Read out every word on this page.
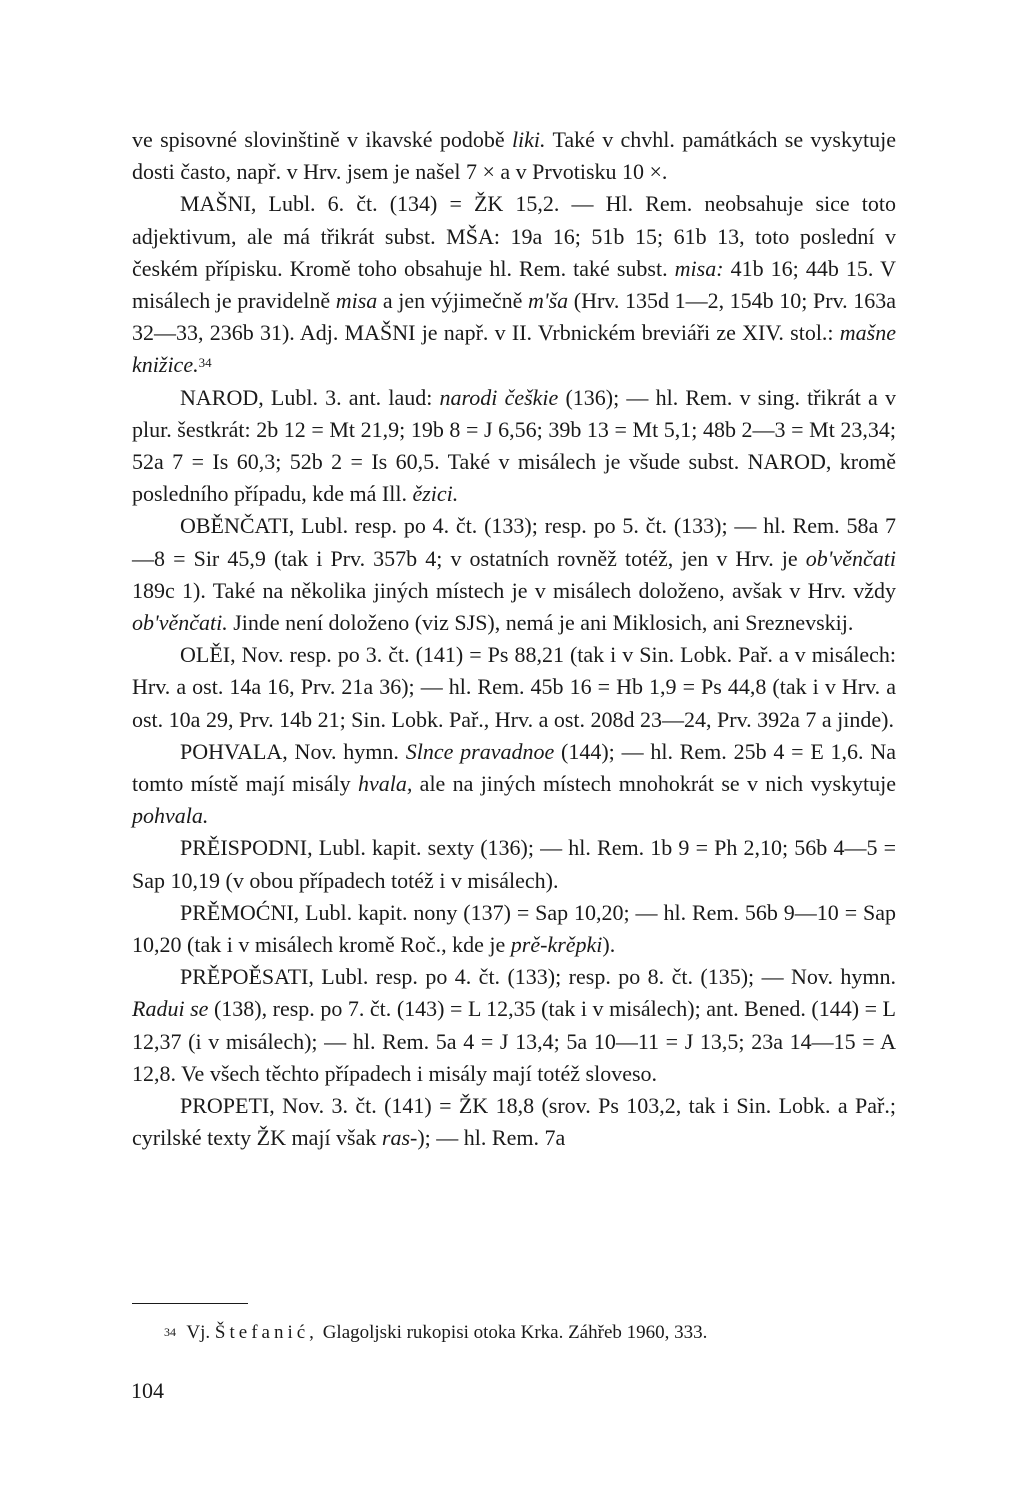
ve spisovné slovinštině v ikavské podobě liki. Také v chvhl. památkách se vyskytuje dosti často, např. v Hrv. jsem je našel 7 × a v Prvotisku 10 ×.

MAŠNI, Lubl. 6. čt. (134) = ŽK 15,2. — Hl. Rem. neobsahuje sice toto adjektivum, ale má třikrát subst. MŠA: 19a 16; 51b 15; 61b 13, toto poslední v českém přípisku. Kromě toho obsahuje hl. Rem. také subst. misa: 41b 16; 44b 15. V misálech je pravidelně misa a jen výjimečně m'ša (Hrv. 135d 1—2, 154b 10; Prv. 163a 32—33, 236b 31). Adj. MAŠNI je např. v II. Vrbnickém breviáři ze XIV. stol.: mašne knižice.$^{34}$

NAROD, Lubl. 3. ant. laud: narodi češkie (136); — hl. Rem. v sing. třikrát a v plur. šestkrát: 2b 12 = Mt 21,9; 19b 8 = J 6,56; 39b 13 = Mt 5,1; 48b 2—3 = Mt 23,34; 52a 7 = Is 60,3; 52b 2 = Is 60,5. Také v misálech je všude subst. NAROD, kromě posledního případu, kde má Ill. ězici.

OBĚNČATI, Lubl. resp. po 4. čt. (133); resp. po 5. čt. (133); — hl. Rem. 58a 7—8 = Sir 45,9 (tak i Prv. 357b 4; v ostatních rovněž totéž, jen v Hrv. je ob'věnčati 189c 1). Také na několika jiných místech je v misálech doloženo, avšak v Hrv. vždy ob'věnčati. Jinde není doloženo (viz SJS), nemá je ani Miklosich, ani Sreznevskij.

OLĚI, Nov. resp. po 3. čt. (141) = Ps 88,21 (tak i v Sin. Lobk. Pař. a v misálech: Hrv. a ost. 14a 16, Prv. 21a 36); — hl. Rem. 45b 16 = Hb 1,9 = Ps 44,8 (tak i v Hrv. a ost. 10a 29, Prv. 14b 21; Sin. Lobk. Pař., Hrv. a ost. 208d 23—24, Prv. 392a 7 a jinde).

POHVALA, Nov. hymn. Slnce pravadnoe (144); — hl. Rem. 25b 4 = E 1,6. Na tomto místě mají misály hvala, ale na jiných místech mnohokrát se v nich vyskytuje pohvala.

PRĚISPODNI, Lubl. kapit. sexty (136); — hl. Rem. 1b 9 = Ph 2,10; 56b 4—5 = Sap 10,19 (v obou případech totéž i v misálech).

PRĚMOĆNI, Lubl. kapit. nony (137) = Sap 10,20; — hl. Rem. 56b 9—10 = Sap 10,20 (tak i v misálech kromě Roč., kde je prě-krěpki).

PRĚPOĚSATI, Lubl. resp. po 4. čt. (133); resp. po 8. čt. (135); — Nov. hymn. Radui se (138), resp. po 7. čt. (143) = L 12,35 (tak i v misálech); ant. Bened. (144) = L 12,37 (i v misálech); — hl. Rem. 5a 4 = J 13,4; 5a 10—11 = J 13,5; 23a 14—15 = A 12,8. Ve všech těchto případech i misály mají totéž sloveso.

PROPETI, Nov. 3. čt. (141) = ŽK 18,8 (srov. Ps 103,2, tak i Sin. Lobk. a Pař.; cyrilské texty ŽK mají však ras-); — hl. Rem. 7a

$^{34}$ Vj. Štefanić, Glagoljski rukopisi otoka Krka. Záhřeb 1960, 333.
104
